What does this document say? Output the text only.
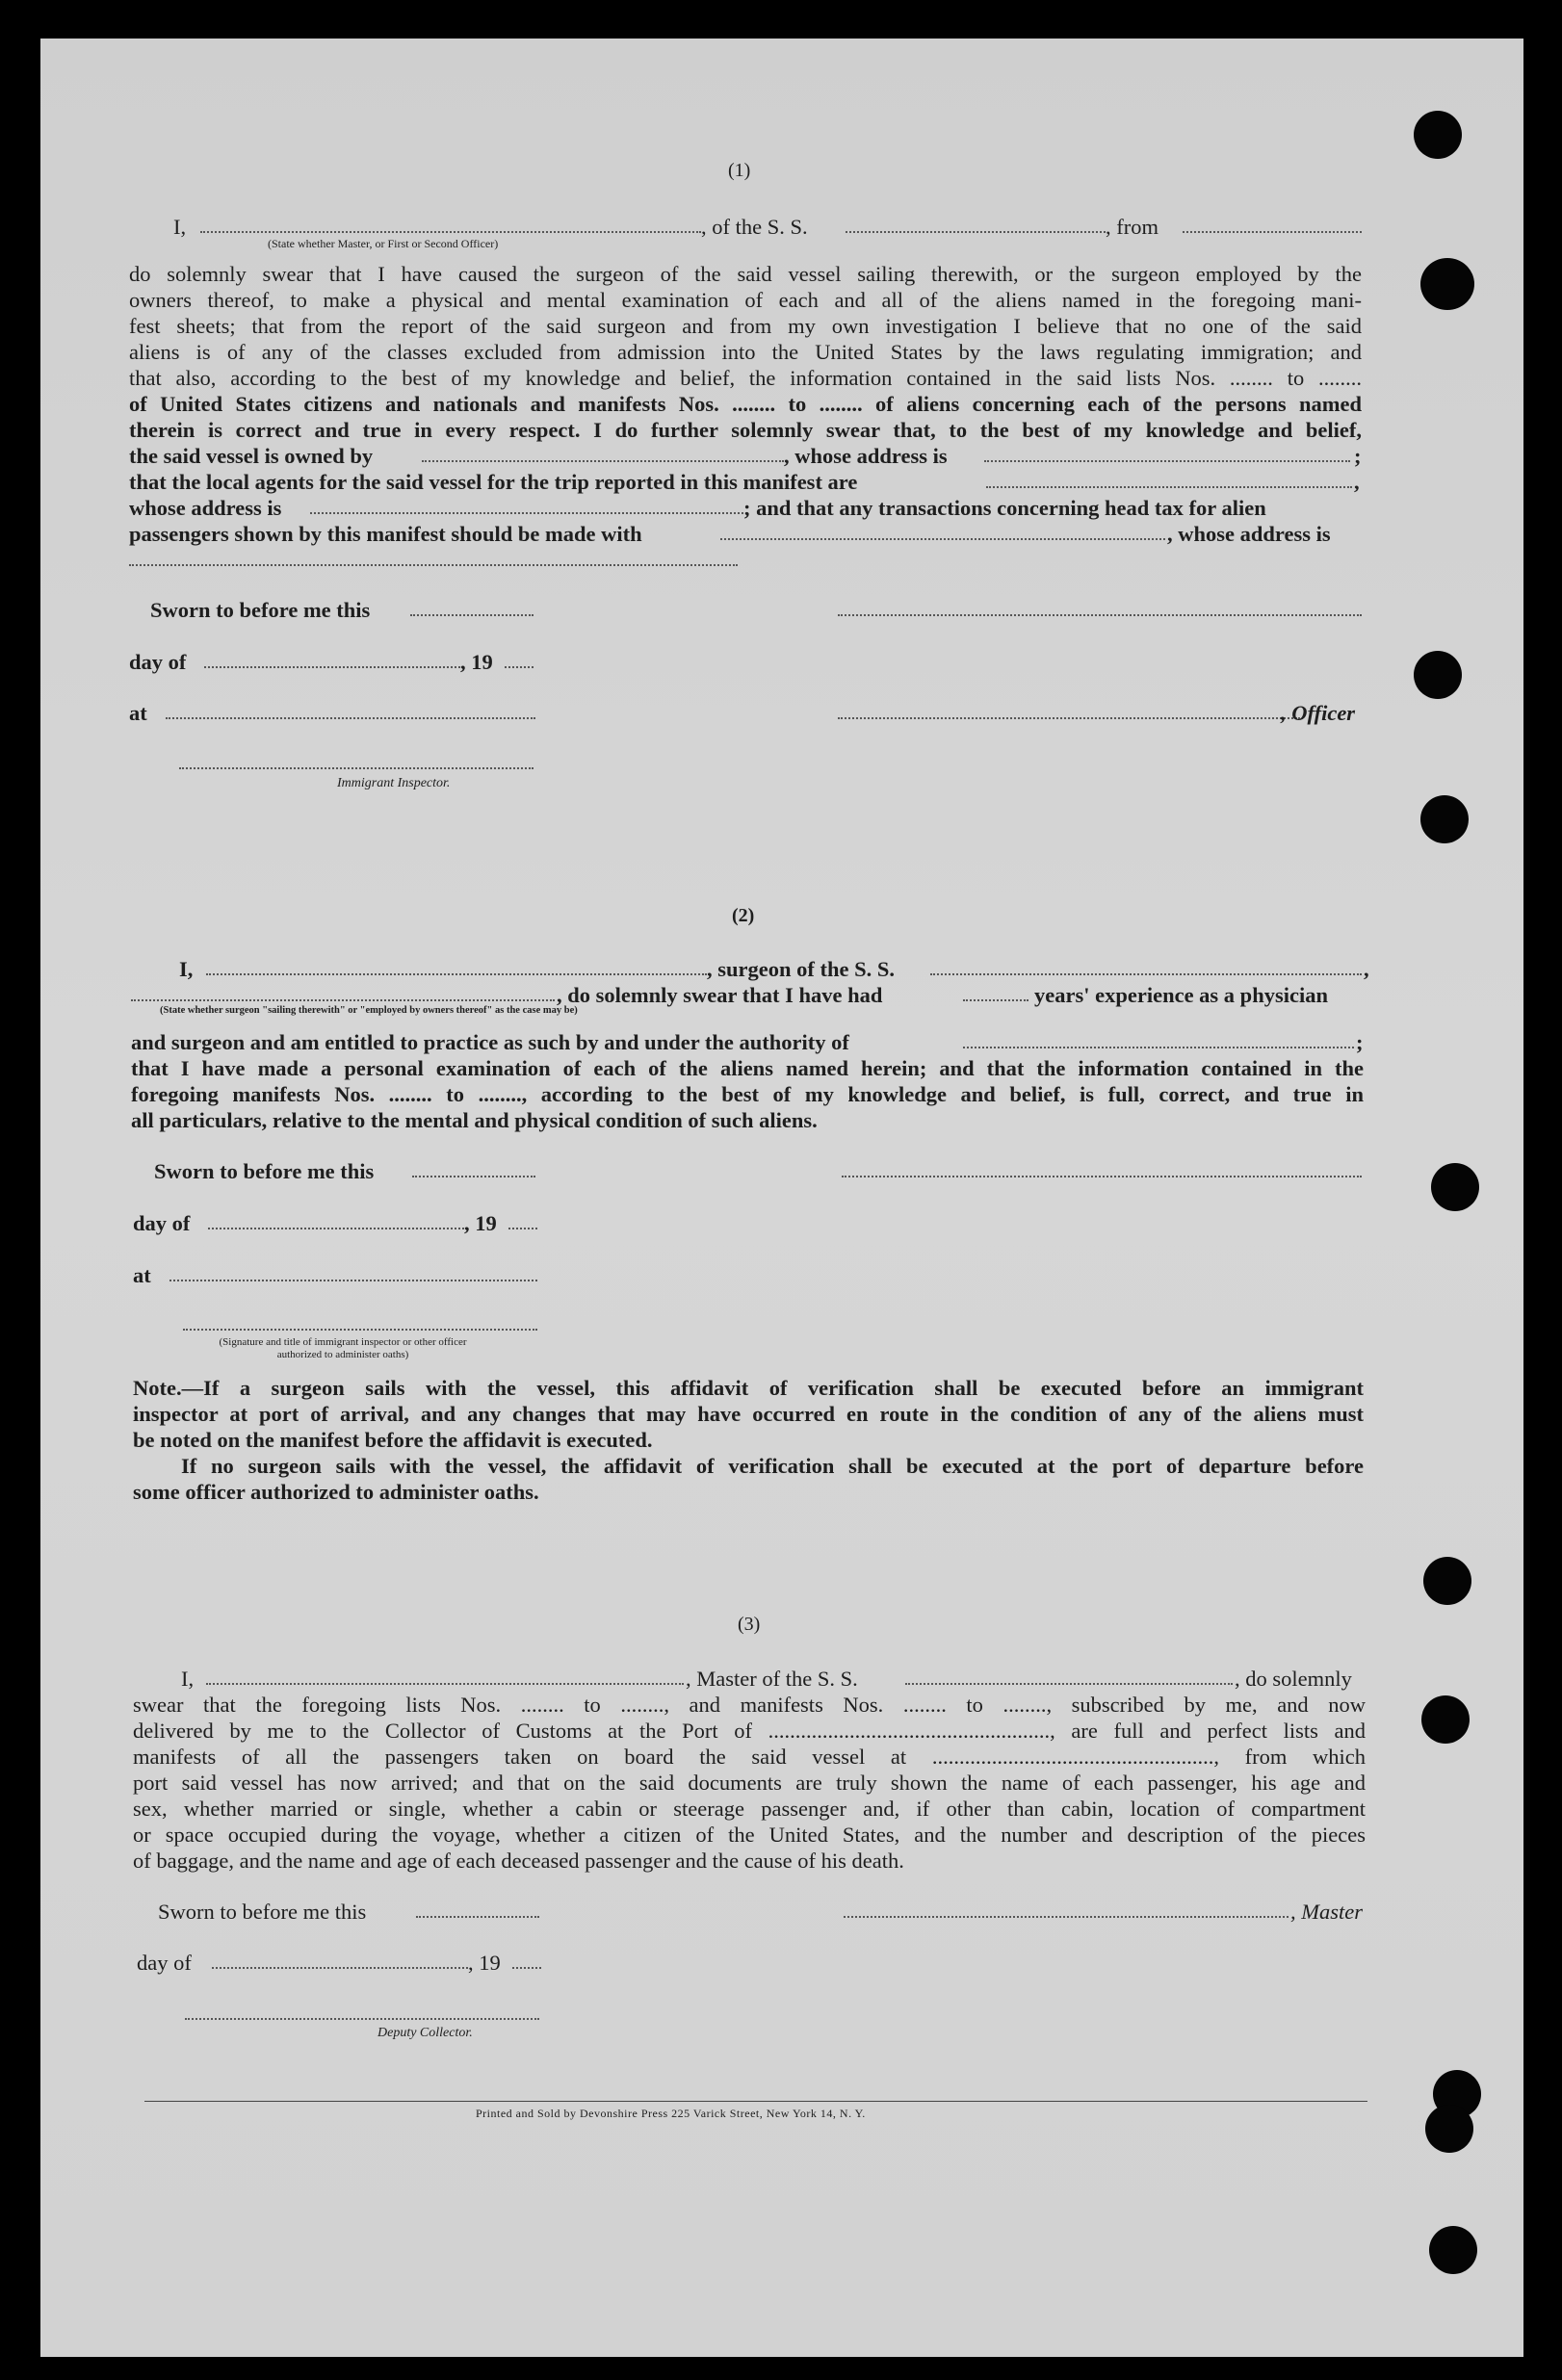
(1)
I,	, of the S. S.	, from
(State whether Master, or First or Second Officer)
do solemnly swear that I have caused the surgeon of the said vessel sailing therewith, or the surgeon employed by the
owners thereof, to make a physical and mental examination of each and all of the aliens named in the foregoing mani-
fest sheets; that from the report of the said surgeon and from my own investigation I believe that no one of the said
aliens is of any of the classes excluded from admission into the United States by the laws regulating immigration; and
that also, according to the best of my knowledge and belief, the information contained in the said lists Nos. ........ to ........
of United States citizens and nationals and manifests Nos. ........ to ........ of aliens concerning each of the persons named
therein is correct and true in every respect. I do further solemnly swear that, to the best of my knowledge and belief,
the said vessel is owned by	, whose address is	;
that the local agents for the said vessel for the trip reported in this manifest are	,
whose address is	; and that any transactions concerning head tax for alien
passengers shown by this manifest should be made with	, whose address is
Sworn to before me this
day of	, 19
at	, Officer
Immigrant Inspector.
(2)
I,	, surgeon of the S. S.	,
, do solemnly swear that I have had	years' experience as a physician
(State whether surgeon "sailing therewith" or "employed by owners thereof" as the case may be)
and surgeon and am entitled to practice as such by and under the authority of	;
that I have made a personal examination of each of the aliens named herein; and that the information contained in the
foregoing manifests Nos. ........ to ........, according to the best of my knowledge and belief, is full, correct, and true in
all particulars, relative to the mental and physical condition of such aliens.
Sworn to before me this
day of	, 19
at
(Signature and title of immigrant inspector or other officer authorized to administer oaths)
Note.—If a surgeon sails with the vessel, this affidavit of verification shall be executed before an immigrant
inspector at port of arrival, and any changes that may have occurred en route in the condition of any of the aliens must
be noted on the manifest before the affidavit is executed.
If no surgeon sails with the vessel, the affidavit of verification shall be executed at the port of departure before
some officer authorized to administer oaths.
(3)
I,	, Master of the S. S.	, do solemnly
swear that the foregoing lists Nos. ........ to ........, and manifests Nos. ........ to ........, subscribed by me, and now
delivered by me to the Collector of Customs at the Port of ...................................................., are full and perfect lists and
manifests of all the passengers taken on board the said vessel at ...................................................., from which
port said vessel has now arrived; and that on the said documents are truly shown the name of each passenger, his age and
sex, whether married or single, whether a cabin or steerage passenger and, if other than cabin, location of compartment
or space occupied during the voyage, whether a citizen of the United States, and the number and description of the pieces
of baggage, and the name and age of each deceased passenger and the cause of his death.
Sworn to before me this	, Master
day of	, 19
Deputy Collector.
Printed and Sold by Devonshire Press 225 Varick Street, New York 14, N. Y.
